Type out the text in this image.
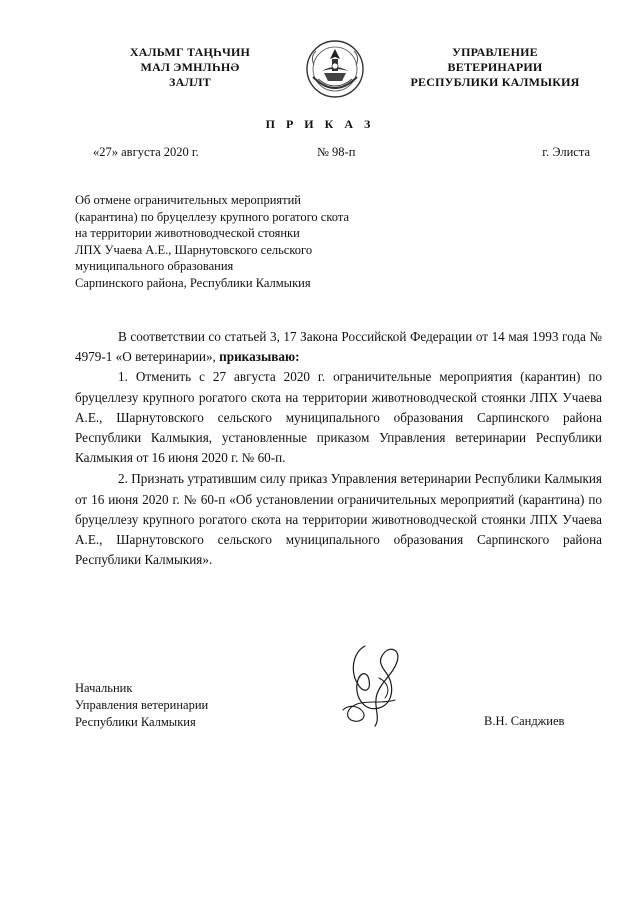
ХАЛЬМГ ТАҢҺЧИН
МАЛ ЭМНЛҺНӘ
ЗАЛЛТ
УПРАВЛЕНИЕ
ВЕТЕРИНАРИИ
РЕСПУБЛИКИ КАЛМЫКИЯ
П Р И К А З
«27» августа 2020 г.	№ 98-п	г. Элиста
Об отмене ограничительных мероприятий
(карантина) по бруцеллезу крупного рогатого скота
на территории животноводческой стоянки
ЛПХ Учаева А.Е., Шарнутовского сельского
муниципального образования
Сарпинского района, Республики Калмыкия

В соответствии со статьей 3, 17 Закона Российской Федерации от 14 мая 1993 года № 4979-1 «О ветеринарии», приказываю:

1. Отменить с 27 августа 2020 г. ограничительные мероприятия (карантин) по бруцеллезу крупного рогатого скота на территории животноводческой стоянки ЛПХ Учаева А.Е., Шарнутовского сельского муниципального образования Сарпинского района Республики Калмыкия, установленные приказом Управления ветеринарии Республики Калмыкия от 16 июня 2020 г. № 60-п.

2. Признать утратившим силу приказ Управления ветеринарии Республики Калмыкия от 16 июня 2020 г. № 60-п «Об установлении ограничительных мероприятий (карантина) по бруцеллезу крупного рогатого скота на территории животноводческой стоянки ЛПХ Учаева А.Е., Шарнутовского сельского муниципального образования Сарпинского района Республики Калмыкия».

Начальник
Управления ветеринарии
Республики Калмыкия	В.Н. Санджиев
